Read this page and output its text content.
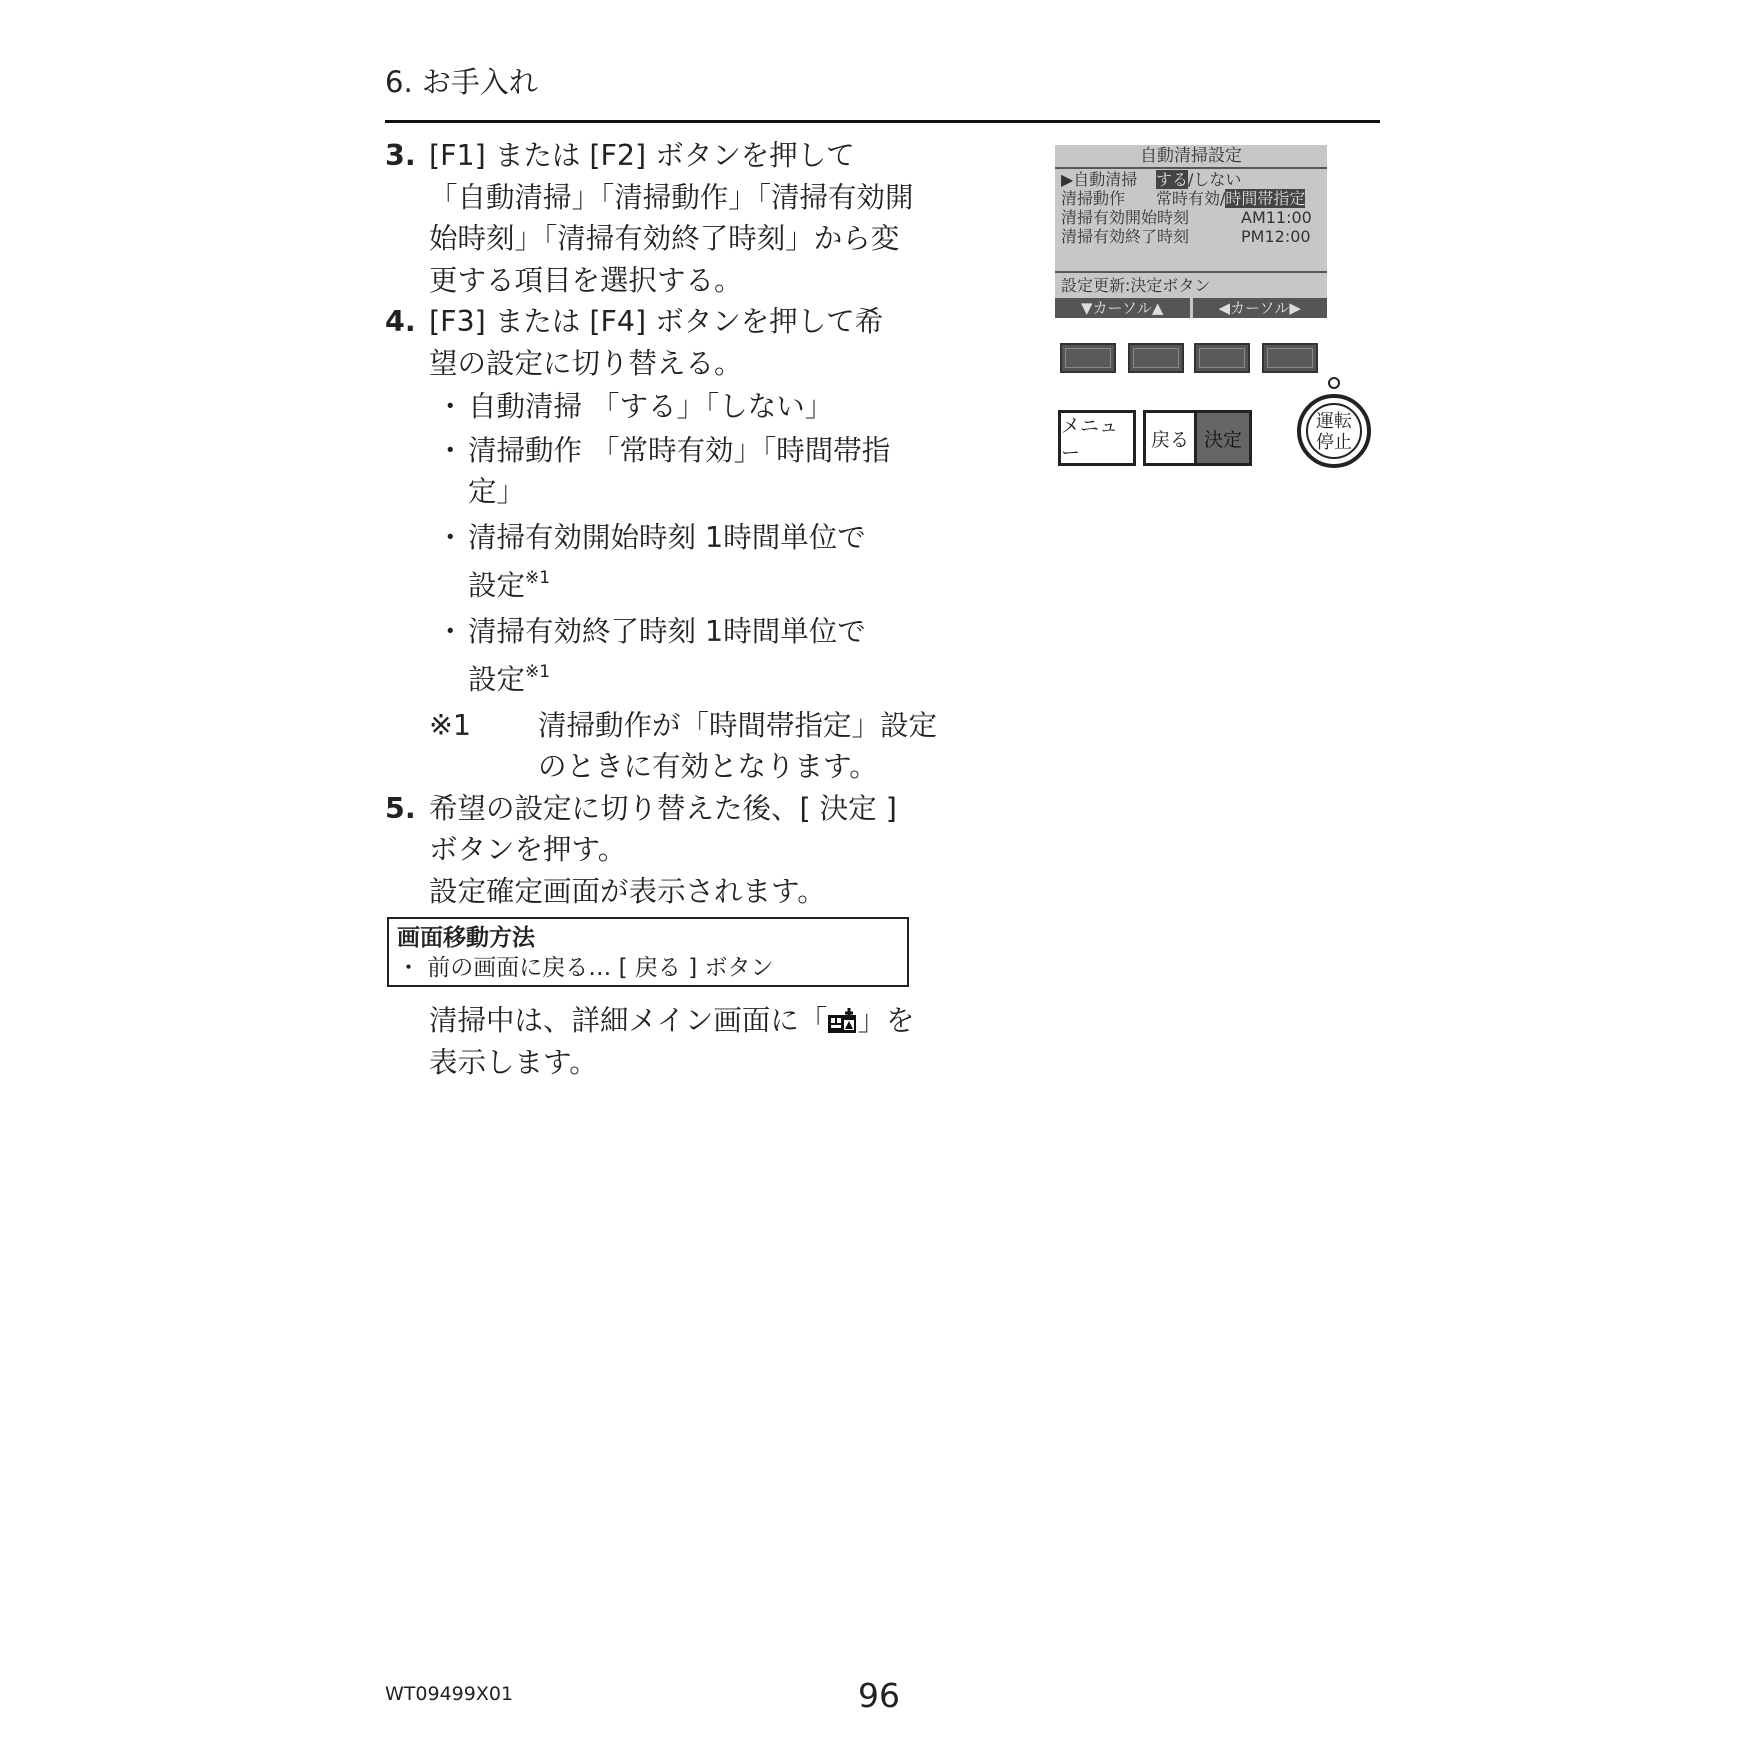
6. お手入れ
3. [F1] または [F2] ボタンを押して
「自動清掃」「清掃動作」「清掃有効開
始時刻」「清掃有効終了時刻」から変
更する項目を選択する。
4. [F3] または [F4] ボタンを押して希
望の設定に切り替える。
・ 自動清掃 「する」「しない」
・ 清掃動作 「常時有効」「時間帯指
定」
・ 清掃有効開始時刻 1時間単位で
設定$^{※1}$
・ 清掃有効終了時刻 1時間単位で
設定$^{※1}$
※1 清掃動作が「時間帯指定」設定
のときに有効となります。
5. 希望の設定に切り替えた後、[ 決定 ]
ボタンを押す。
設定確定画面が表示されます。
画面移動方法
・ 前の画面に戻る… [ 戻る ] ボタン
清掃中は、詳細メイン画面に「 」を
表示します。
自動清掃設定
▶自動清掃 する/しない
清掃動作 常時有効/時間帯指定
清掃有効開始時刻	AM11:00
清掃有効終了時刻	PM12:00
設定更新:決定ボタン
▼カーソル▲	◀カーソル▶
メニュー
戻る 決定
運転
停止
WT09499X01	96
